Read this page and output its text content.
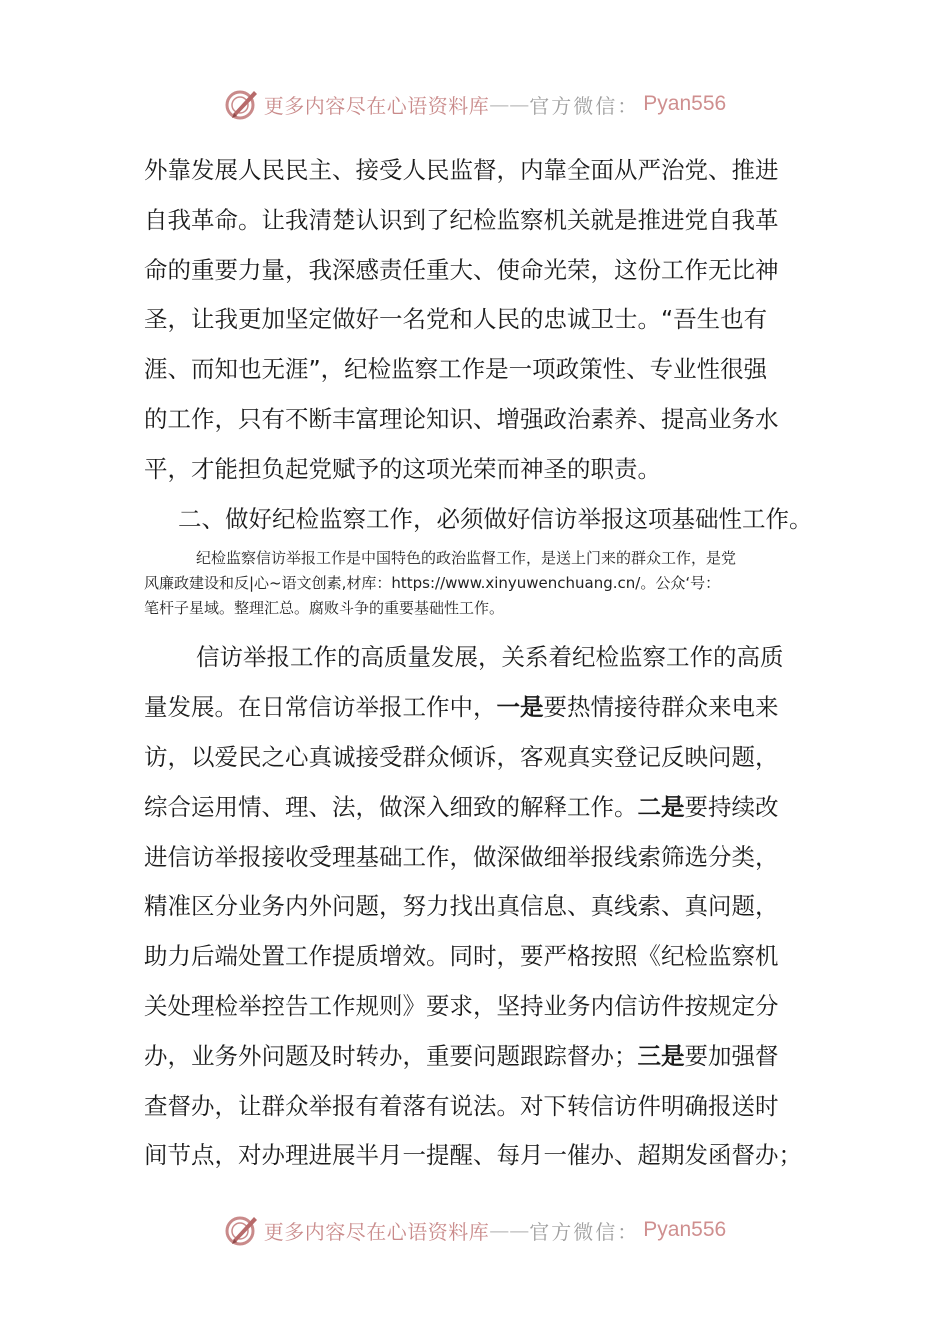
更多内容尽在心语资料库 —— 官方微信： Pyan556
外靠发展人民民主、接受人民监督，内靠全面从严治党、推进
自我革命。让我清楚认识到了纪检监察机关就是推进党自我革
命的重要力量，我深感责任重大、使命光荣，这份工作无比神
圣，让我更加坚定做好一名党和人民的忠诚卫士。“吾生也有
涯、而知也无涯”，纪检监察工作是一项政策性、专业性很强
的工作，只有不断丰富理论知识、增强政治素养、提高业务水
平，才能担负起党赋予的这项光荣而神圣的职责。
二、做好纪检监察工作，必须做好信访举报这项基础性工作。
纪检监察信访举报工作是中国特色的政治监督工作，是送上门来的群众工作，是党
风廉政建设和反|心~语文创素,材库：https://www.xinyuwenchuang.cn/。公众‘号：
笔杆子星域。整理汇总。腐败斗争的重要基础性工作。
信访举报工作的高质量发展，关系着纪检监察工作的高质
量发展。在日常信访举报工作中，一是要热情接待群众来电来
访，以爱民之心真诚接受群众倾诉，客观真实登记反映问题，
综合运用情、理、法，做深入细致的解释工作。二是要持续改
进信访举报接收受理基础工作，做深做细举报线索筛选分类，
精准区分业务内外问题，努力找出真信息、真线索、真问题，
助力后端处置工作提质增效。同时，要严格按照《纪检监察机
关处理检举控告工作规则》要求，坚持业务内信访件按规定分
办，业务外问题及时转办，重要问题跟踪督办；三是要加强督
查督办，让群众举报有着落有说法。对下转信访件明确报送时
间节点，对办理进展半月一提醒、每月一催办、超期发函督办；
更多内容尽在心语资料库 —— 官方微信： Pyan556
